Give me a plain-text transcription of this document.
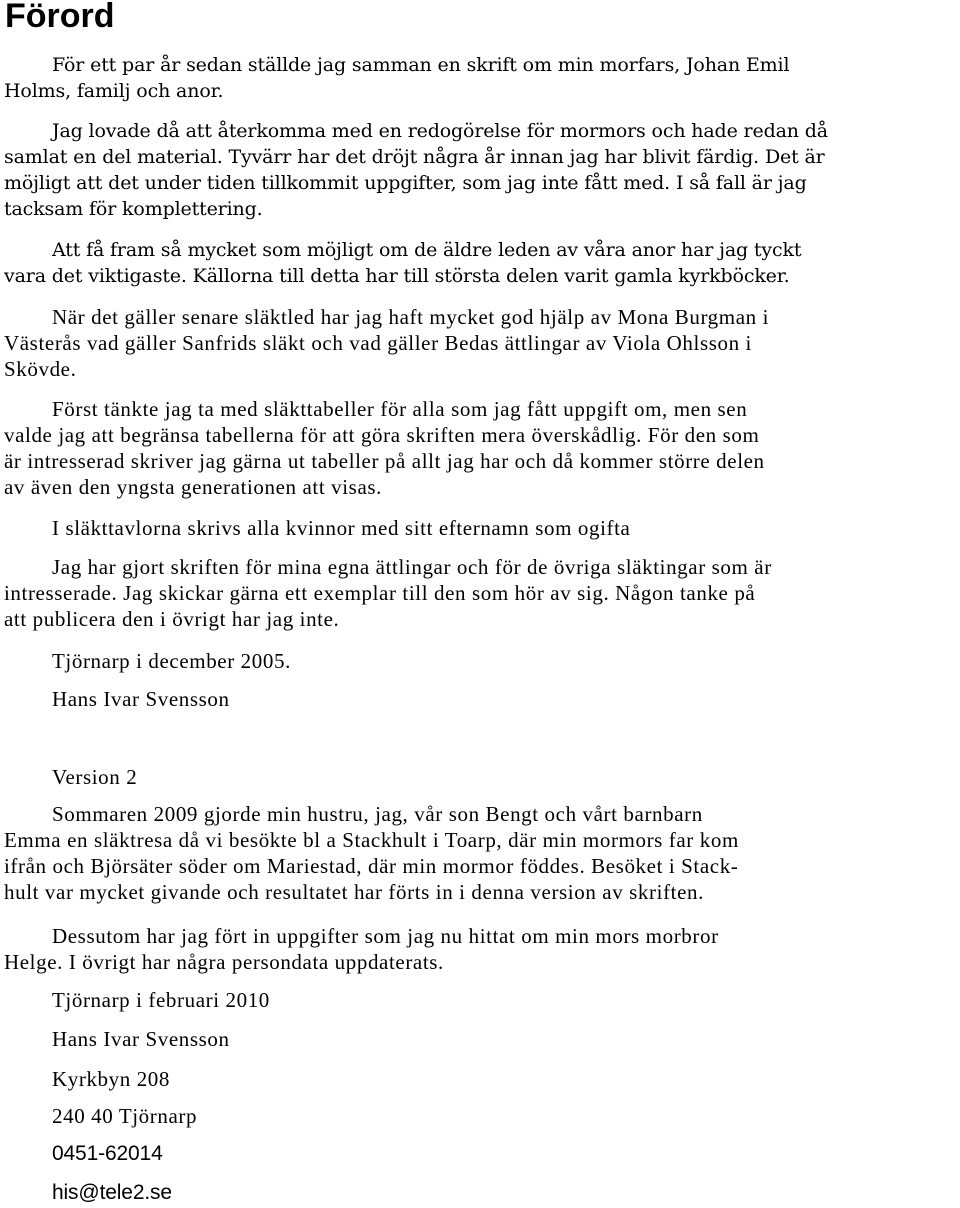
Förord
För ett par år sedan ställde jag samman en skrift om min morfars, Johan Emil
Holms, familj och anor.
Jag lovade då att återkomma med en redogörelse för mormors och hade redan då
samlat en del material. Tyvärr har det dröjt några år innan jag har blivit färdig. Det är
möjligt att det under tiden tillkommit uppgifter, som jag inte fått med. I så fall är jag
tacksam för komplettering.
Att få fram så mycket som möjligt om de äldre leden av våra anor har jag tyckt
vara det viktigaste. Källorna till detta har till största delen varit gamla kyrkböcker.
När det gäller senare släktled har jag haft mycket god hjälp av Mona Burgman i
Västerås vad gäller Sanfrids släkt och vad gäller Bedas ättlingar av Viola Ohlsson i
Skövde.
Först tänkte jag ta med släkttabeller för alla som jag fått uppgift om, men sen
valde jag att begränsa tabellerna för att göra skriften mera överskådlig. För den som
är intresserad skriver jag gärna ut tabeller på allt jag har och då kommer större delen
av även den yngsta generationen att visas.
I släkttavlorna skrivs alla kvinnor med sitt efternamn som ogifta
Jag har gjort skriften för mina egna ättlingar och för de övriga släktingar som är
intresserade. Jag skickar gärna ett exemplar till den som hör av sig. Någon tanke på
att publicera den i övrigt har jag inte.
Tjörnarp i december 2005.
Hans Ivar Svensson
Version 2
Sommaren 2009 gjorde min hustru, jag, vår son Bengt och vårt barnbarn
Emma en släktresa då vi besökte bl a Stackhult i Toarp, där min mormors far kom
ifrån och Björsäter söder om Mariestad, där min mormor föddes. Besöket i Stack-
hult var mycket givande och resultatet har förts in i denna version av skriften.
Dessutom har jag fört in uppgifter som jag nu hittat om min mors morbror
Helge. I övrigt har några persondata uppdaterats.
Tjörnarp i februari 2010
Hans Ivar Svensson
Kyrkbyn 208
240 40 Tjörnarp
0451-62014
his@tele2.se
